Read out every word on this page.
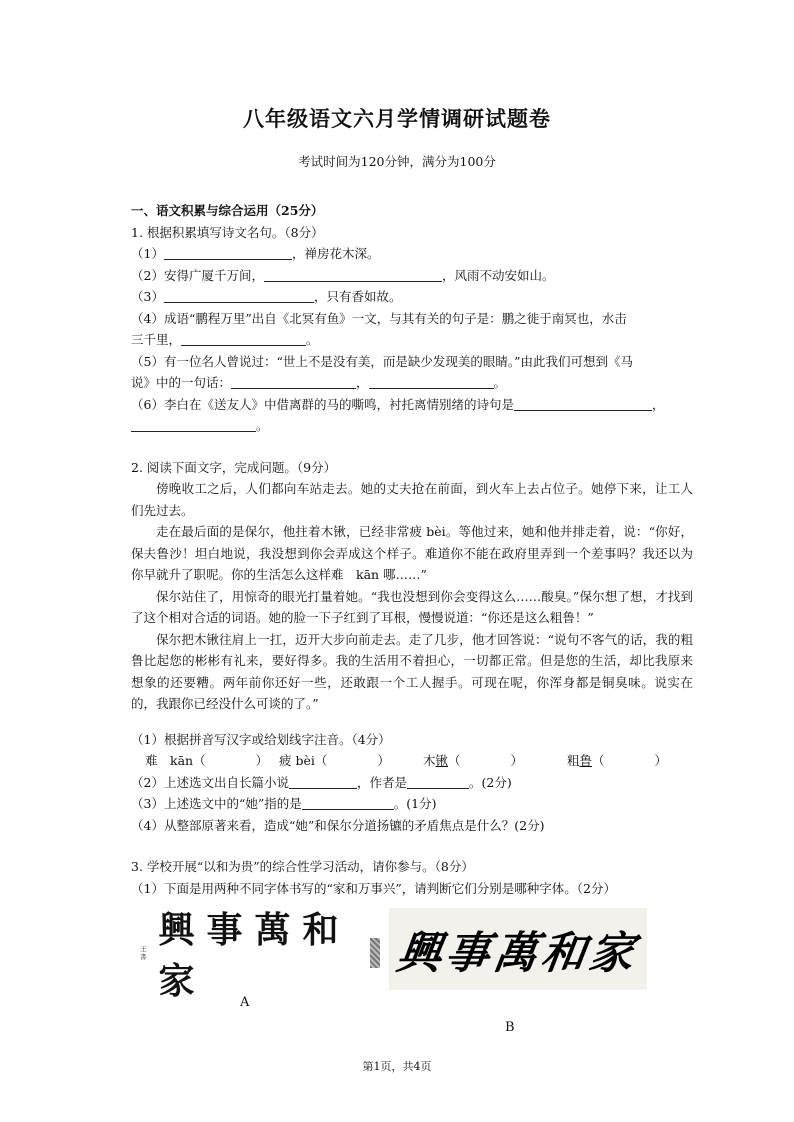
八年级语文六月学情调研试题卷
考试时间为120分钟，满分为100分
一、语文积累与综合运用（25分）
1. 根据积累填写诗文名句。（8分）
（1）	，禅房花木深。
（2）安得广厦千万间，	，风雨不动安如山。
（3）	，只有香如故。
（4）成语“鹏程万里”出自《北冥有鱼》一文，与其有关的句子是：鹏之徙于南冥也，水击
三千里，	。
（5）有一位名人曾说过：“世上不是没有美，而是缺少发现美的眼睛。”由此我们可想到《马
说》中的一句话：	，	。
（6）李白在《送友人》中借离群的马的嘶鸣，衬托离情别绪的诗句是	，
。
2. 阅读下面文字，完成问题。（9分）
傍晚收工之后，人们都向车站走去。她的丈夫抢在前面，到火车上去占位子。她停下来，让工人们先过去。
走在最后面的是保尔，他拄着木锹，已经非常疲 bèi。等他过来，她和他并排走着，说：“你好，保夫鲁沙！坦白地说，我没想到你会弄成这个样子。难道你不能在政府里弄到一个差事吗？我还以为你早就升了职呢。你的生活怎么这样难　kān 哪……”
保尔站住了，用惊奇的眼光打量着她。“我也没想到你会变得这么……酸臭。”保尔想了想，才找到了这个相对合适的词语。她的脸一下子红到了耳根，慢慢说道：“你还是这么粗鲁！”
保尔把木锹往肩上一扛，迈开大步向前走去。走了几步，他才回答说：“说句不客气的话，我的粗鲁比起您的彬彬有礼来，要好得多。我的生活用不着担心，一切都正常。但是您的生活，却比我原来想象的还要糟。两年前你还好一些，还敢跟一个工人握手。可现在呢，你浑身都是铜臭味。说实在的，我跟你已经没什么可谈的了。”
（1）根据拼音写汉字或给划线字注音。（4分）
难　kān（　　　　） 疲 bèi（　　　　）	木锹（　　　　）	粗鲁（　　　　）
（2）上述选文出自长篇小说	，作者是	。(2分)
（3）上述选文中的“她”指的是	。(1分)
（4）从整部原著来看，造成“她”和保尔分道扬镳的矛盾焦点是什么？(2分)
3. 学校开展“以和为贵”的综合性学习活动，请你参与。（8分）
（1）下面是用两种不同字体书写的“家和万事兴”，请判断它们分别是哪种字体。（2分）
王書
興事萬和家
興事萬和家
A
B
第1页，共4页
